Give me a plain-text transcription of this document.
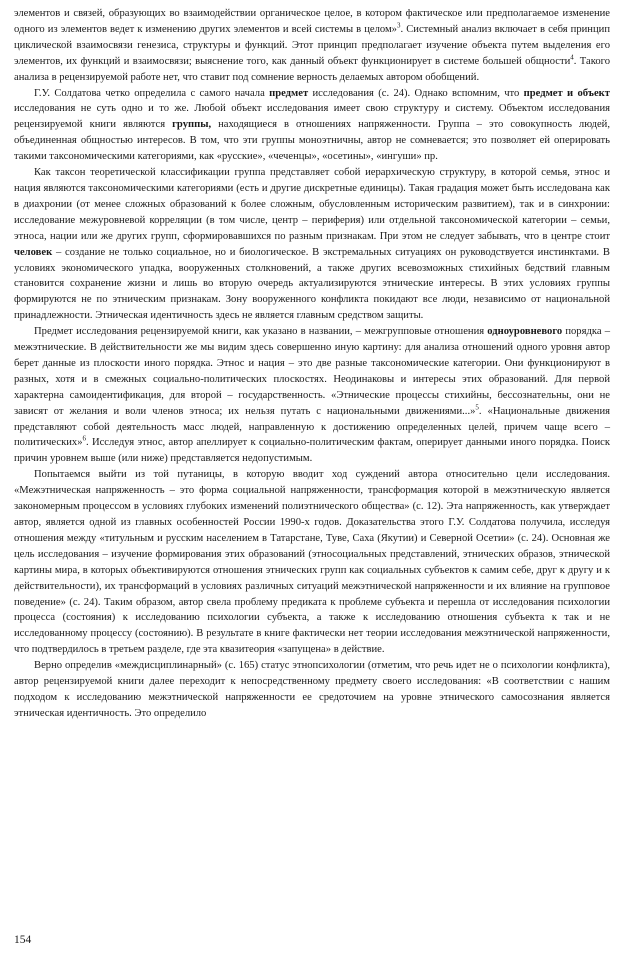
элементов и связей, образующих во взаимодействии органическое целое, в котором фактическое или предполагаемое изменение одного из элементов ведет к изменению других элементов и всей системы в целом»$^3$. Системный анализ включает в себя принцип циклической взаимосвязи генезиса, структуры и функций. Этот принцип предполагает изучение объекта путем выделения его элементов, их функций и взаимосвязи; выяснение того, как данный объект функционирует в системе большей общности$^4$. Такого анализа в рецензируемой работе нет, что ставит под сомнение верность делаемых автором обобщений.

Г.У. Солдатова четко определила с самого начала предмет исследования (с. 24). Однако вспомним, что предмет и объект исследования не суть одно и то же. Любой объект исследования имеет свою структуру и систему. Объектом исследования рецензируемой книги являются группы, находящиеся в отношениях напряженности. Группа – это совокупность людей, объединенная общностью интересов. В том, что эти группы моноэтничны, автор не сомневается; это позволяет ей оперировать такими таксономическими категориями, как «русские», «чеченцы», «осетины», «ингуши» пр.

Как таксон теоретической классификации группа представляет собой иерархическую структуру, в которой семья, этнос и нация являются таксономическими категориями (есть и другие дискретные единицы). Такая градация может быть исследована как в диахронии (от менее сложных образований к более сложным, обусловленным историческим развитием), так и в синхронии: исследование межуровневой корреляции (в том числе, центр – периферия) или отдельной таксономической категории – семьи, этноса, нации или же других групп, сформировавшихся по разным признакам. При этом не следует забывать, что в центре стоит человек – создание не только социальное, но и биологическое. В экстремальных ситуациях он руководствуется инстинктами. В условиях экономического упадка, вооруженных столкновений, а также других всевозможных стихийных бедствий главным становится сохранение жизни и лишь во вторую очередь актуализируются этнические интересы. В этих условиях группы формируются не по этническим признакам. Зону вооруженного конфликта покидают все люди, независимо от национальной принадлежности. Этническая идентичность здесь не является главным средством защиты.

Предмет исследования рецензируемой книги, как указано в названии, – межгрупповые отношения одноуровневого порядка – межэтнические. В действительности же мы видим здесь совершенно иную картину: для анализа отношений одного уровня автор берет данные из плоскости иного порядка. Этнос и нация – это две разные таксономические категории. Они функционируют в разных, хотя и в смежных социально-политических плоскостях. Неодинаковы и интересы этих образований. Для первой характерна самоидентификация, для второй – государственность. «Этнические процессы стихийны, бессознательны, они не зависят от желания и воли членов этноса; их нельзя путать с национальными движениями...»$^5$. «Национальные движения представляют собой деятельность масс людей, направленную к достижению определенных целей, причем чаще всего – политических»$^6$. Исследуя этнос, автор апеллирует к социально-политическим фактам, оперирует данными иного порядка. Поиск причин уровнем выше (или ниже) представляется недопустимым.

Попытаемся выйти из той путаницы, в которую вводит ход суждений автора относительно цели исследования. «Межэтническая напряженность – это форма социальной напряженности, трансформация которой в межэтническую является закономерным процессом в условиях глубоких изменений полиэтнического общества» (с. 12). Эта напряженность, как утверждает автор, является одной из главных особенностей России 1990-х годов. Доказательства этого Г.У. Солдатова получила, исследуя отношения между «титульным и русским населением в Татарстане, Туве, Саха (Якутии) и Северной Осетии» (с. 24). Основная же цель исследования – изучение формирования этих образований (этносоциальных представлений, этнических образов, этнической картины мира, в которых объективируются отношения этнических групп как социальных субъектов к самим себе, друг к другу и к действительности), их трансформаций в условиях различных ситуаций межэтнической напряженности и их влияние на групповое поведение» (с. 24). Таким образом, автор свела проблему предиката к проблеме субъекта и перешла от исследования психологии процесса (состояния) к исследованию психологии субъекта, а также к исследованию отношения субъекта к так и не исследованному процессу (состоянию). В результате в книге фактически нет теории исследования межэтнической напряженности, что подтвердилось в третьем разделе, где эта квазитеория «запущена» в действие.

Верно определив «междисциплинарный» (с. 165) статус этнопсихологии (отметим, что речь идет не о психологии конфликта), автор рецензируемой книги далее переходит к непосредственному предмету своего исследования: «В соответствии с нашим подходом к исследованию межэтнической напряженности ее средоточием на уровне этнического самосознания является этническая идентичность. Это определило

154
